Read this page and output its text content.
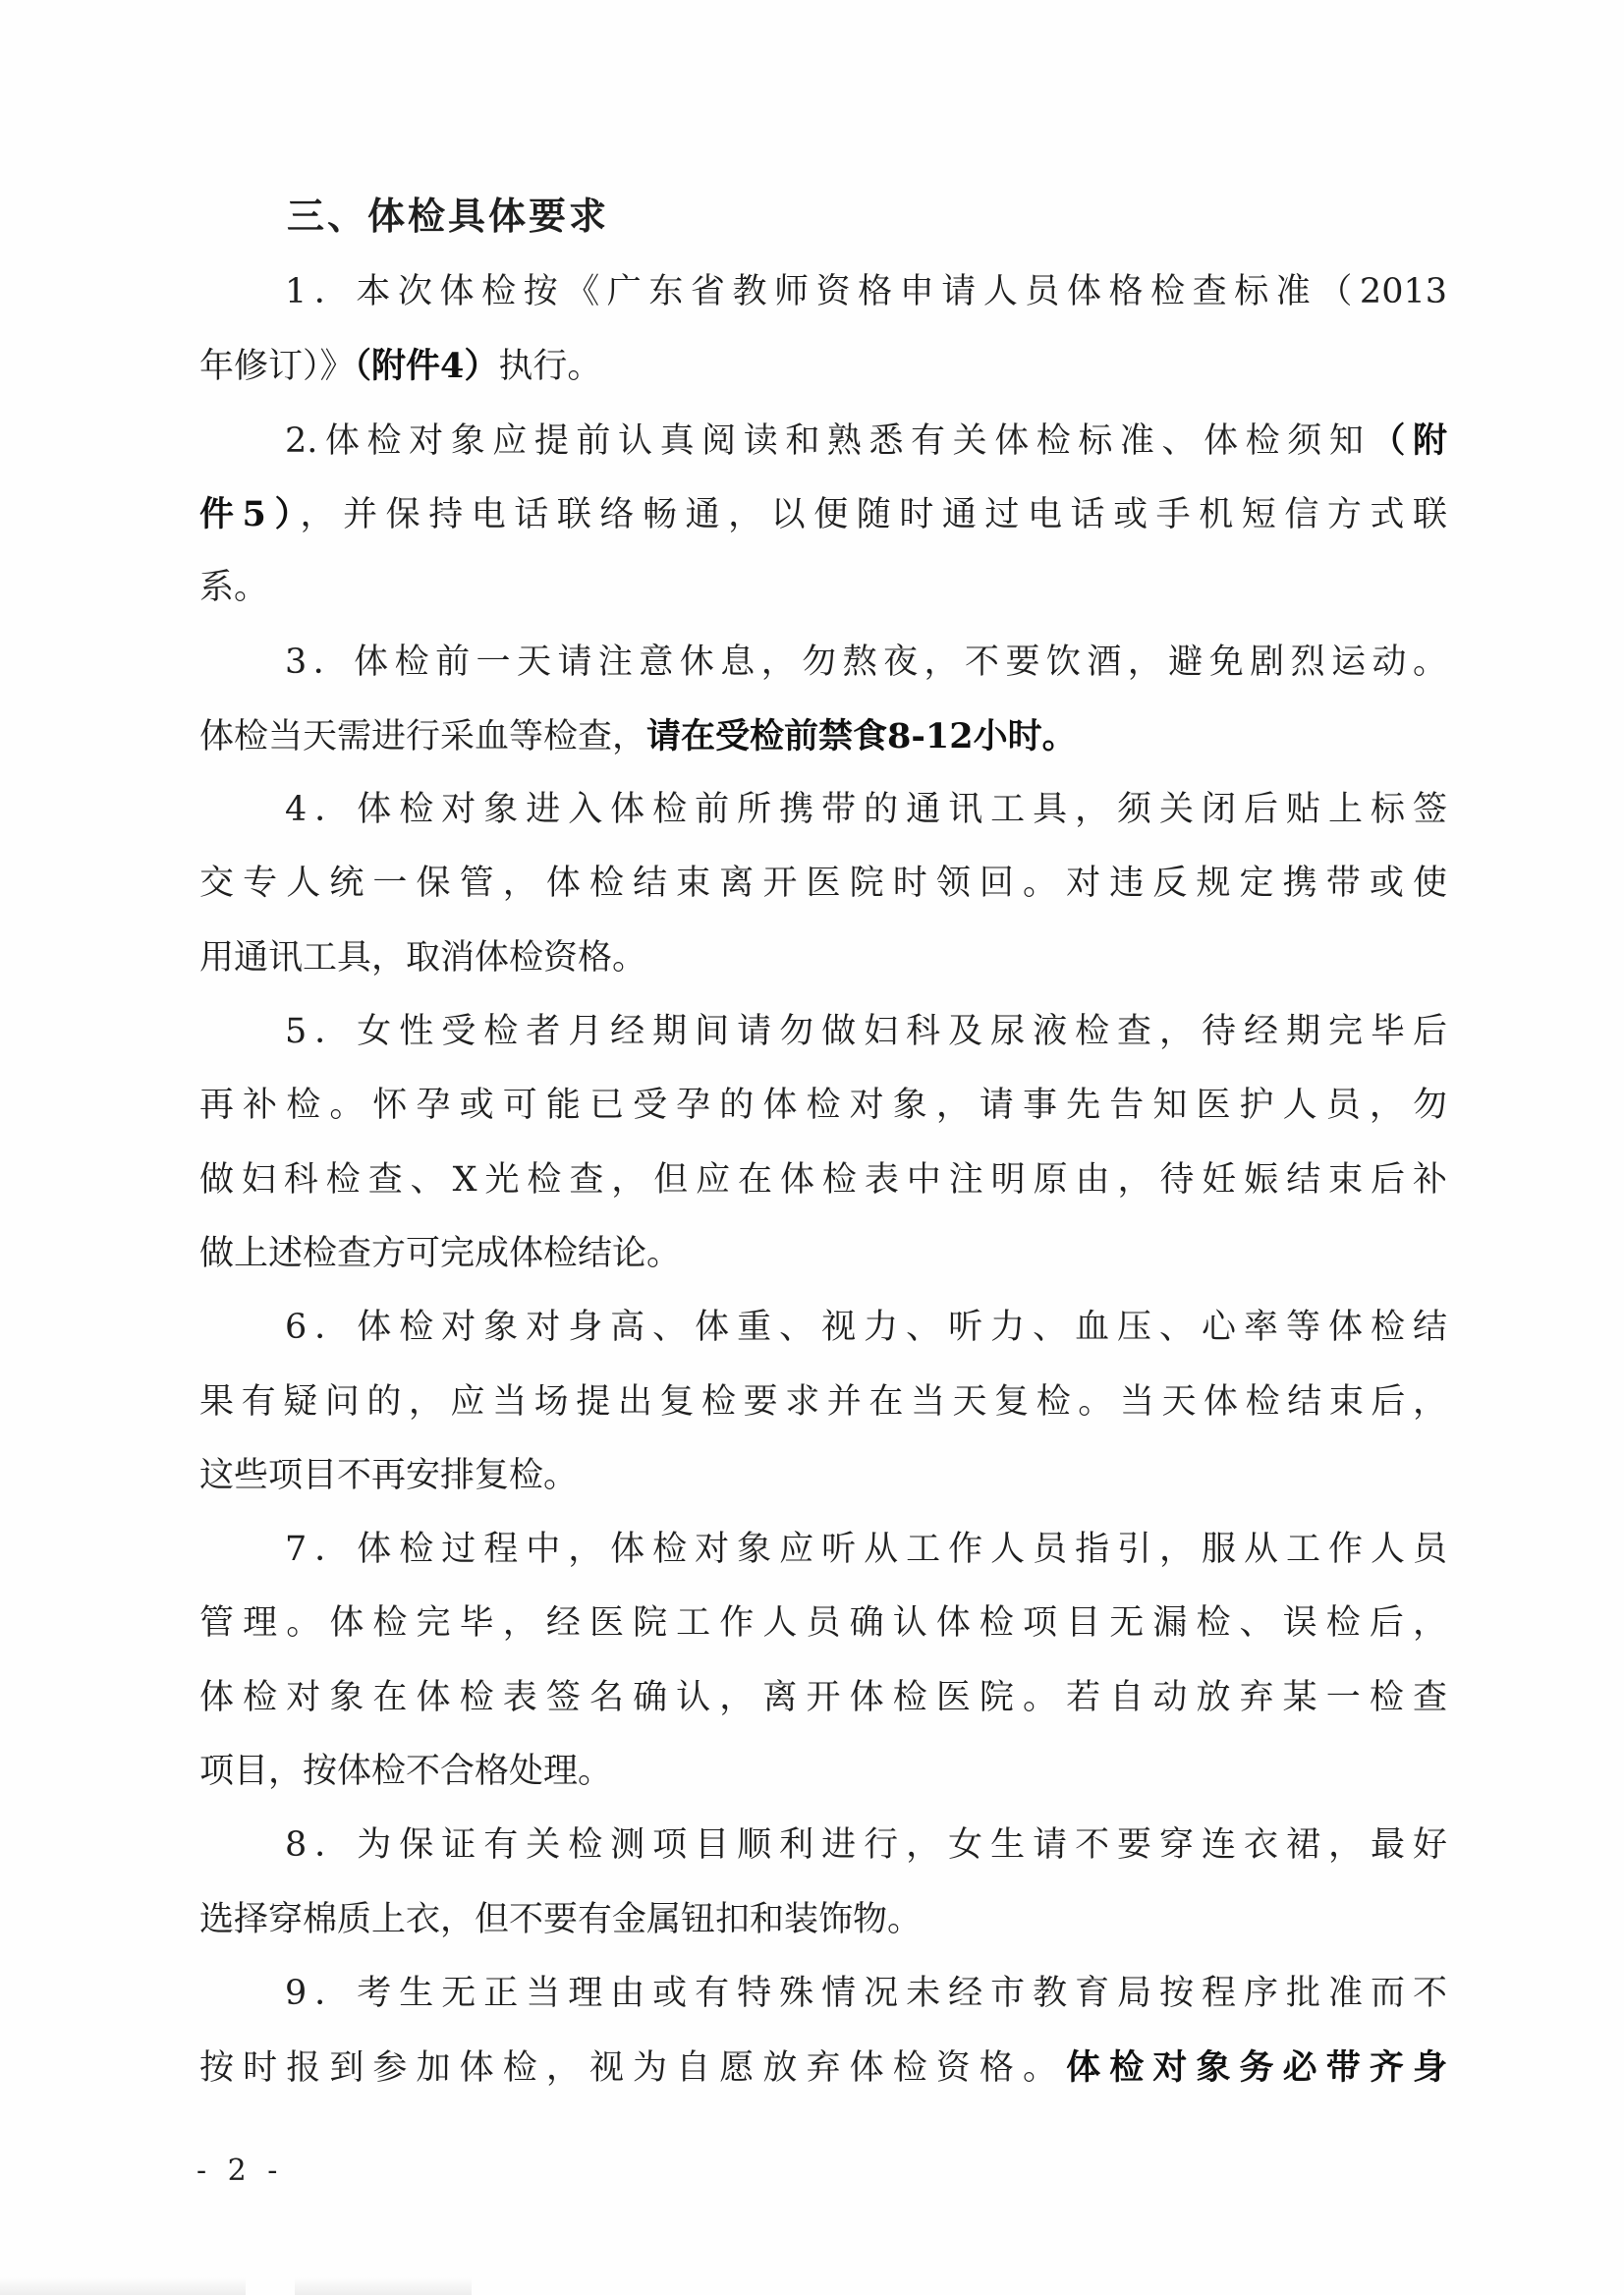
三、体检具体要求
1．本次体检按《广东省教师资格申请人员体格检查标准（2013
年修订）》（附件4）执行。
2.体检对象应提前认真阅读和熟悉有关体检标准、体检须知（附
件5），并保持电话联络畅通，以便随时通过电话或手机短信方式联
系。
3．体检前一天请注意休息，勿熬夜，不要饮酒，避免剧烈运动。
体检当天需进行采血等检查，请在受检前禁食8-12小时。
4．体检对象进入体检前所携带的通讯工具，须关闭后贴上标签
交专人统一保管，体检结束离开医院时领回。对违反规定携带或使
用通讯工具，取消体检资格。
5．女性受检者月经期间请勿做妇科及尿液检查，待经期完毕后
再补检。怀孕或可能已受孕的体检对象，请事先告知医护人员，勿
做妇科检查、X光检查，但应在体检表中注明原由，待妊娠结束后补
做上述检查方可完成体检结论。
6．体检对象对身高、体重、视力、听力、血压、心率等体检结
果有疑问的，应当场提出复检要求并在当天复检。当天体检结束后，
这些项目不再安排复检。
7．体检过程中，体检对象应听从工作人员指引，服从工作人员
管理。体检完毕，经医院工作人员确认体检项目无漏检、误检后，
体检对象在体检表签名确认，离开体检医院。若自动放弃某一检查
项目，按体检不合格处理。
8．为保证有关检测项目顺利进行，女生请不要穿连衣裙，最好
选择穿棉质上衣，但不要有金属钮扣和装饰物。
9．考生无正当理由或有特殊情况未经市教育局按程序批准而不
按时报到参加体检，视为自愿放弃体检资格。体检对象务必带齐身
- 2 -
